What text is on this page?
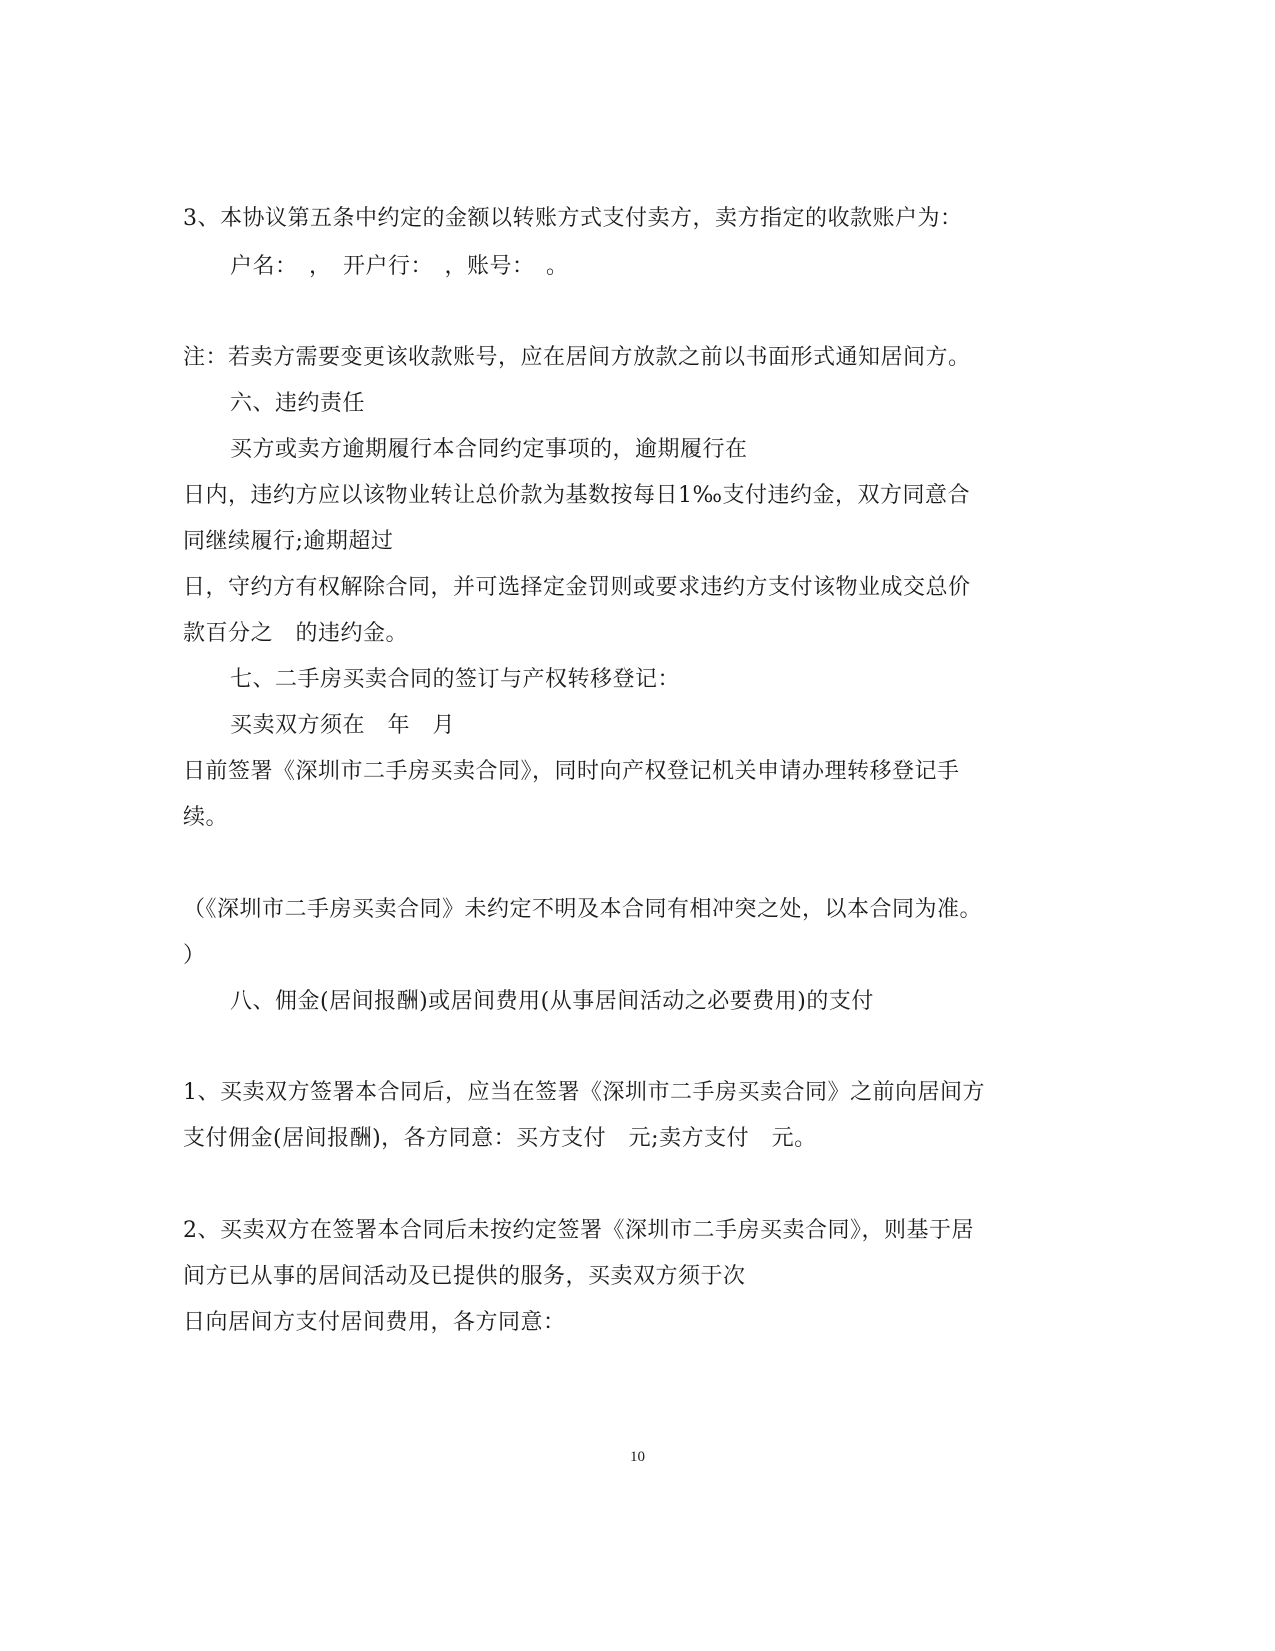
3、本协议第五条中约定的金额以转账方式支付卖方，卖方指定的收款账户为：
户名：　，　开户行：　，账号：　。
注：若卖方需要变更该收款账号，应在居间方放款之前以书面形式通知居间方。
六、违约责任
买方或卖方逾期履行本合同约定事项的，逾期履行在
日内，违约方应以该物业转让总价款为基数按每日1‰支付违约金，双方同意合
同继续履行;逾期超过
日，守约方有权解除合同，并可选择定金罚则或要求违约方支付该物业成交总价
款百分之　的违约金。
七、二手房买卖合同的签订与产权转移登记：
买卖双方须在　年　月
日前签署《深圳市二手房买卖合同》，同时向产权登记机关申请办理转移登记手
续。
（《深圳市二手房买卖合同》未约定不明及本合同有相冲突之处，以本合同为准。
）
八、佣金(居间报酬)或居间费用(从事居间活动之必要费用)的支付
1、买卖双方签署本合同后，应当在签署《深圳市二手房买卖合同》之前向居间方
支付佣金(居间报酬)，各方同意：买方支付　元;卖方支付　元。
2、买卖双方在签署本合同后未按约定签署《深圳市二手房买卖合同》，则基于居
间方已从事的居间活动及已提供的服务，买卖双方须于次
日向居间方支付居间费用，各方同意：
10
